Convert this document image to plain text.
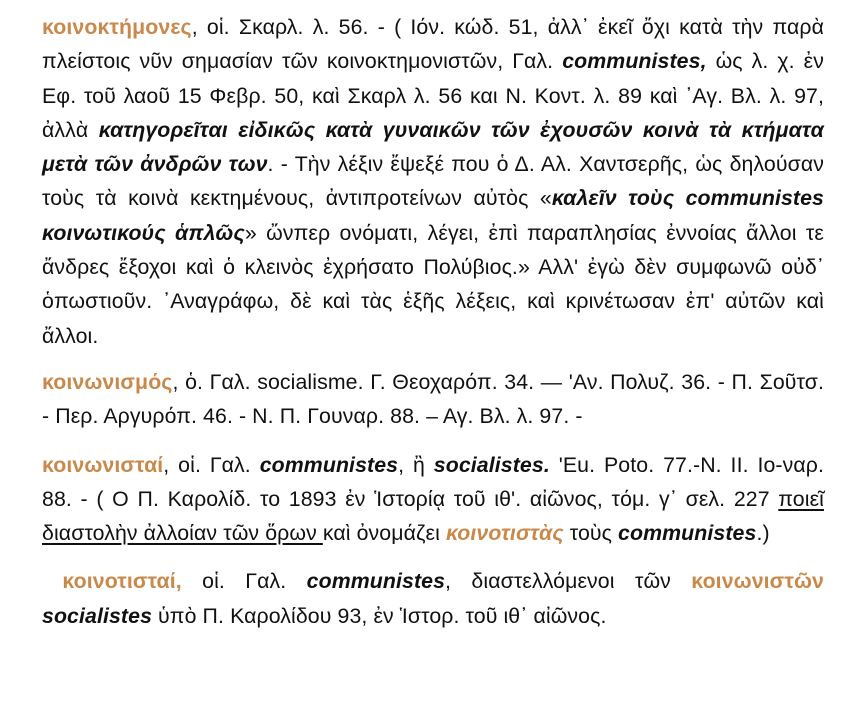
κοινοκτήμονες, οἱ. Σκαρλ. λ. 56. - ( Ιόν. κώδ. 51, ἀλλ᾽ ἐκεῖ ὄχι κατὰ τὴν παρὰ πλείστοις νῦν σημασίαν τῶν κοινοκτημονιστῶν, Γαλ. communistes, ὡς λ. χ. ἐν Εφ. τοῦ λαοῦ 15 Φεβρ. 50, καὶ Σκαρλ λ. 56 και Ν. Κοντ. λ. 89 καὶ ᾽Αγ. Βλ. λ. 97, ἀλλὰ κατηγορεῖται εἰδικῶς κατὰ γυναικῶν τῶν ἐχουσῶν κοινὰ τὰ κτήματα μετὰ τῶν ἀνδρῶν των. - Τὴν λέξιν ἔψεξέ που ὁ Δ. Αλ. Χαντσερῆς, ὡς δηλούσαν τοὺς τὰ κοινὰ κεκτημένους, ἀντιπροτείνων αὐτὸς «καλεῖν τοὺς communistes κοινωτικούς ἁπλῶς» ὤνπερ ονόματι, λέγει, ἐπὶ παραπλησίας ἐννοίας ἄλλοι τε ἄνδρες ἔξοχοι καὶ ὁ κλεινὸς ἐχρήσατο Πολύβιος.» Αλλ' ἐγὼ δὲν συμφωνῶ οὐδ᾽ ὁπωστιοῦν. ᾽Αναγράφω, δὲ καὶ τὰς ἑξῆς λέξεις, καὶ κρινέτωσαν ἐπ' αὐτῶν καὶ ἄλλοι.

κοινωνισμός, ὁ. Γαλ. socialisme. Γ. Θεοχαρόπ. 34. — 'Αν. Πολυζ. 36. - Π. Σοῦτσ. - Περ. Αργυρόπ. 46. - Ν. Π. Γουναρ. 88. – Αγ. Βλ. λ. 97. -

κοινωνισταί, οἱ. Γαλ. communistes, ἢ socialistes. 'Eu. Poto. 77.-N. II. Ιο-ναρ. 88. - ( Ο Π. Καρολίδ. το 1893 ἐν Ἱστορίᾳ τοῦ ιθ'. αἰῶνος, τόμ. γ᾽ σελ. 227 ποιεῖ διαστολὴν ἀλλοίαν τῶν ὅρων καὶ ὀνομάζει κοινοτιστὰς τοὺς communistes.)

κοινοτισταί, οἱ. Γαλ. communistes, διαστελλόμενοι τῶν κοινωνιστῶν socialistes ὑπὸ Π. Καρολίδου 93, ἐν Ἱστορ. τοῦ ιθ᾽ αἰῶνος.
